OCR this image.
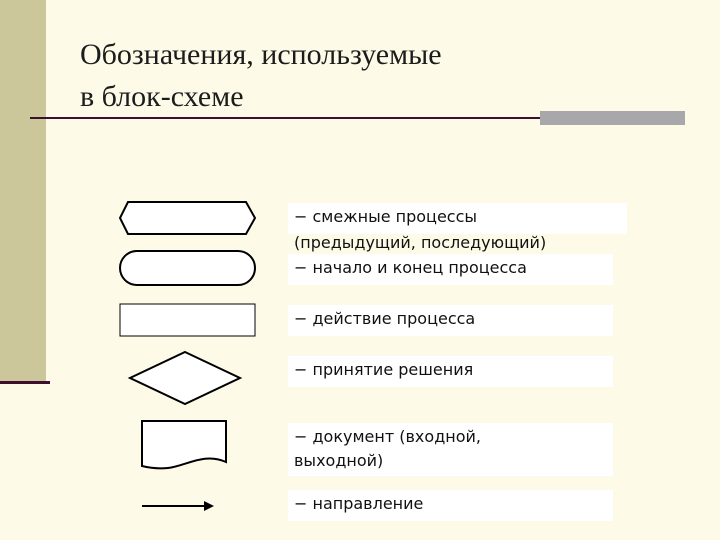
Обозначения, используемые
в блок-схеме
− смежные процессы
(предыдущий, последующий)
− начало и конец процесса
− действие процесса
− принятие решения
− документ (входной,
выходной)
− направление
